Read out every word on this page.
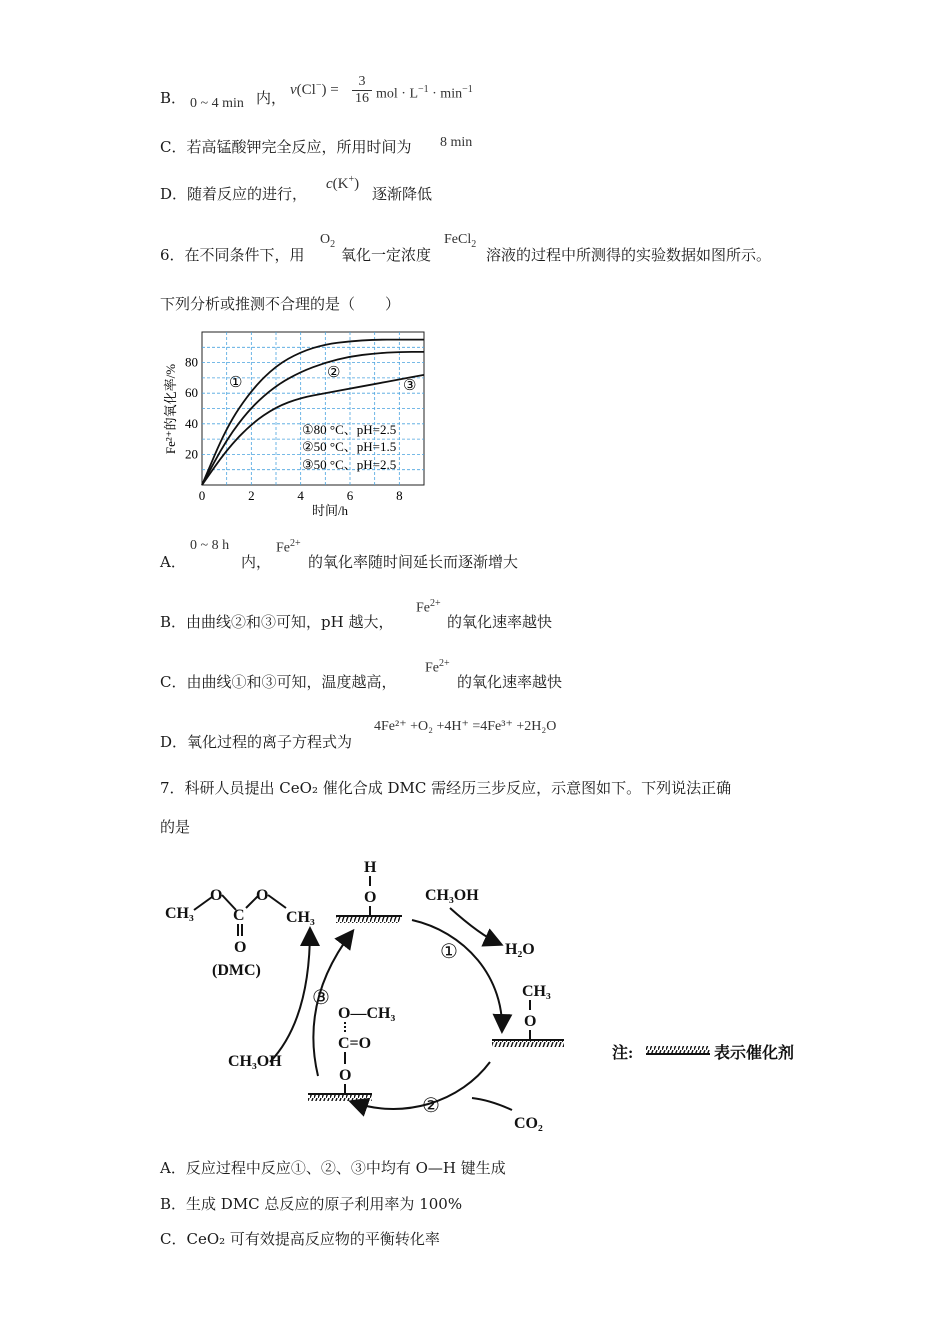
B． 0 ~ 4 min 内， v(Cl−) =
3
16 mol · $L^{-1} \cdot \min^{-1}$
C．若高锰酸钾完全反应，所用时间为 8 min
D．随着反应的进行，
c(K+)
逐渐降低
6．在不同条件下，用
$O_2$
氧化一定浓度
FeCl$_2$
溶液的过程中所测得的实验数据如图所示。
下列分析或推测不合理的是（　　）
0	2	4	6	8
20
40
60
80
时间/h
Fe²⁺的氧化率/%	①80 °C、pH=2.5
②50 °C、pH=1.5
③50 °C、pH=2.5
①
②
③
A．
0 ~ 8 h
内，
$Fe^{2+}$
的氧化率随时间延长而逐渐增大
B．由曲线②和③可知，pH 越大，
$Fe^{2+}$
的氧化速率越快
C．由曲线①和③可知，温度越高，
$Fe^{2+}$
的氧化速率越快
D．氧化过程的离子方程式为
4Fe²⁺ +O₂ +4H⁺ =4Fe³⁺ +2H₂O
7．科研人员提出 CeO₂ 催化合成 DMC 需经历三步反应，示意图如下。下列说法正确
的是
CH₃
O
C
O
CH₃
O
(DMC)
H
O	CH₃OH
①	H₂O
CH₃
O
②
CO₂
O—CH₃
C=O
O
③
CH₃OH	注:	表示催化剂
A．反应过程中反应①、②、③中均有 O—H 键生成
B．生成 DMC 总反应的原子利用率为 100%
C．CeO₂ 可有效提高反应物的平衡转化率
